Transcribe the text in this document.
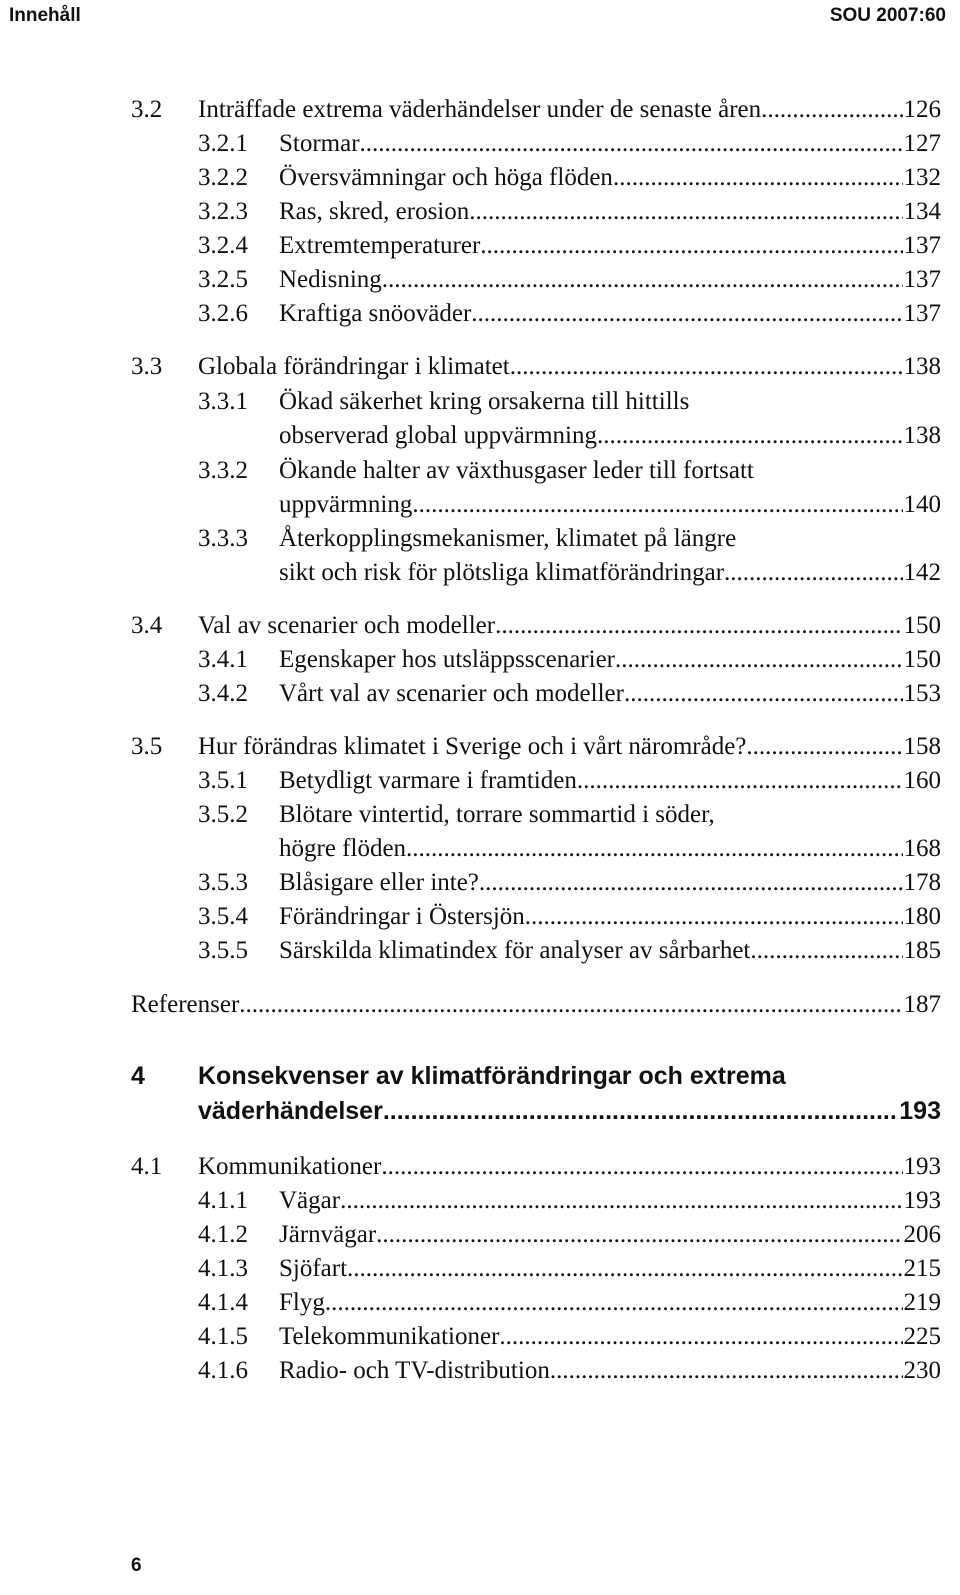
Innehåll	SOU 2007:60
3.2 Inträffade extrema väderhändelser under de senaste åren .....	126
3.2.1 Stormar .....	127
3.2.2 Översvämningar och höga flöden .....	132
3.2.3 Ras, skred, erosion .....	134
3.2.4 Extremtemperaturer .....	137
3.2.5 Nedisning .....	137
3.2.6 Kraftiga snöoväder .....	137
3.3 Globala förändringar i klimatet .....	138
3.3.1 Ökad säkerhet kring orsakerna till hittills
observerad global uppvärmning .....	138
3.3.2 Ökande halter av växthusgaser leder till fortsatt
uppvärmning .....	140
3.3.3 Återkopplingsmekanismer, klimatet på längre
sikt och risk för plötsliga klimatförändringar .....	142
3.4 Val av scenarier och modeller .....	150
3.4.1 Egenskaper hos utsläppsscenarier .....	150
3.4.2 Vårt val av scenarier och modeller .....	153
3.5 Hur förändras klimatet i Sverige och i vårt närområde? .....	158
3.5.1 Betydligt varmare i framtiden .....	160
3.5.2 Blötare vintertid, torrare sommartid i söder,
högre flöden .....	168
3.5.3 Blåsigare eller inte? .....	178
3.5.4 Förändringar i Östersjön .....	180
3.5.5 Särskilda klimatindex för analyser av sårbarhet .....	185
Referenser .....	187
4 Konsekvenser av klimatförändringar och extrema
väderhändelser .....	193
4.1 Kommunikationer .....	193
4.1.1 Vägar .....	193
4.1.2 Järnvägar .....	206
4.1.3 Sjöfart .....	215
4.1.4 Flyg .....	219
4.1.5 Telekommunikationer .....	225
4.1.6 Radio- och TV-distribution .....	230
6
